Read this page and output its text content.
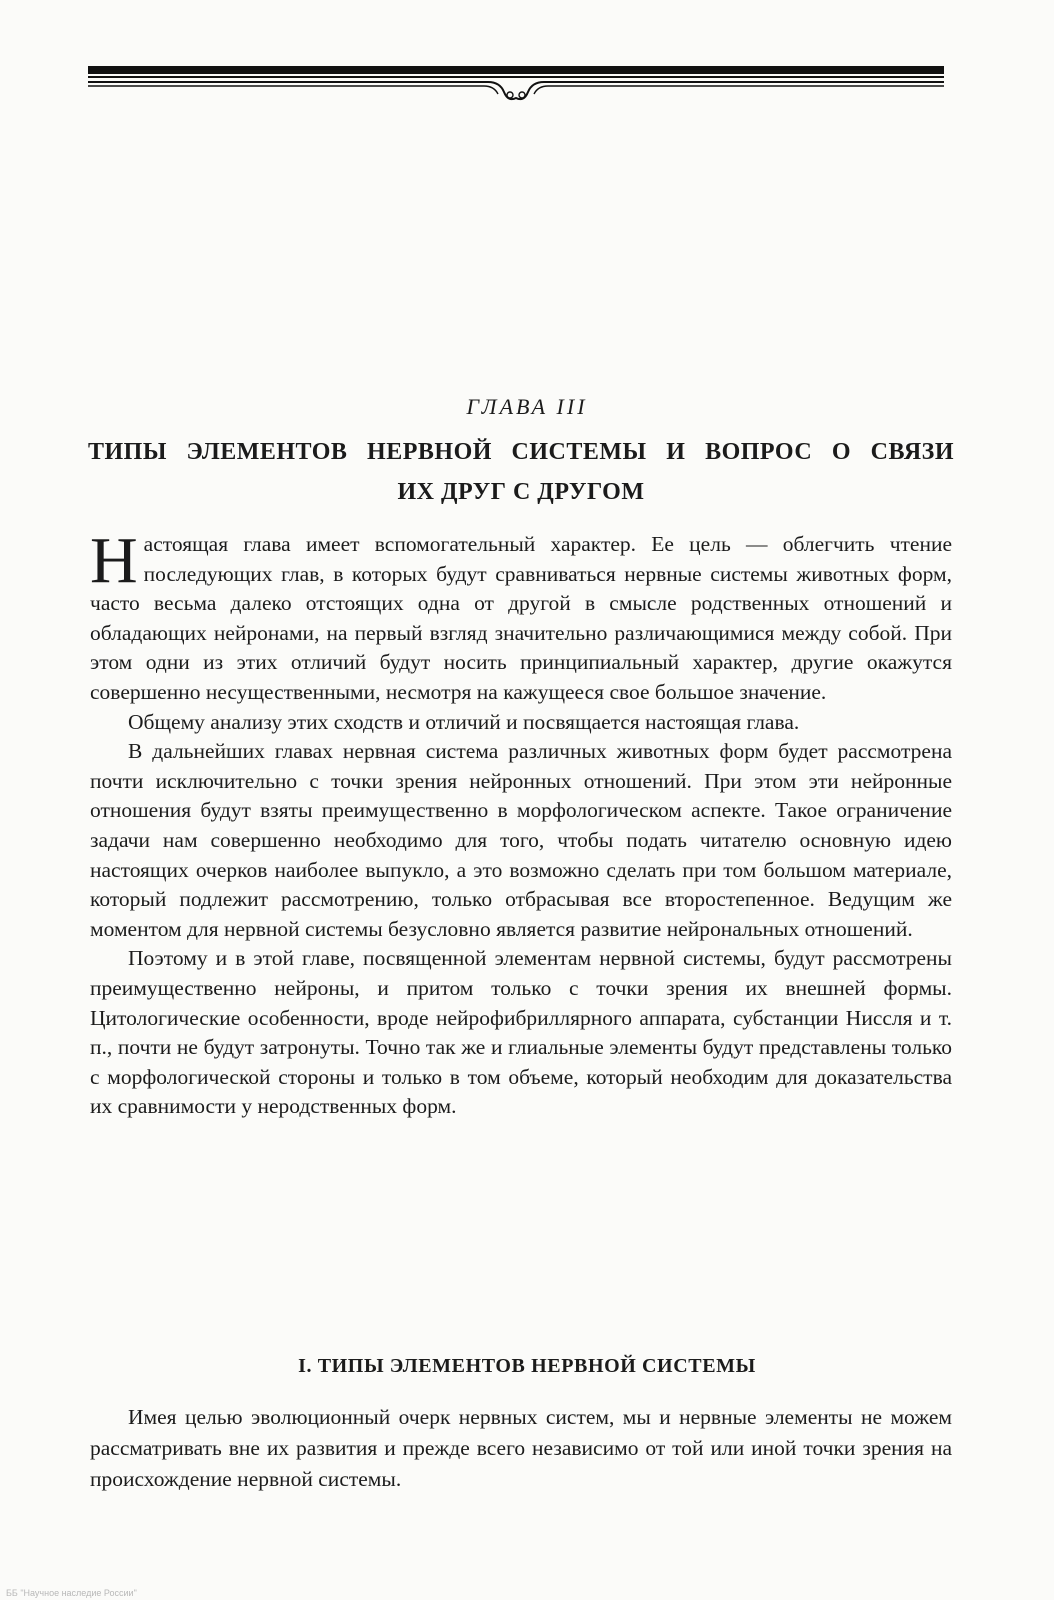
ГЛАВА III
ТИПЫ ЭЛЕМЕНТОВ НЕРВНОЙ СИСТЕМЫ И ВОПРОС О СВЯЗИ
ИХ ДРУГ С ДРУГОМ

Настоящая глава имеет вспомогательный характер. Ее цель — облегчить чтение последующих глав, в которых будут сравниваться нервные системы животных форм, часто весьма далеко отстоящих одна от другой в смысле родственных отношений и обладающих нейронами, на первый взгляд значительно различающимися между собой. При этом одни из этих отличий будут носить принципиальный характер, другие окажутся совершенно несущественными, несмотря на кажущееся свое большое значение.

Общему анализу этих сходств и отличий и посвящается настоящая глава.

В дальнейших главах нервная система различных животных форм будет рассмотрена почти исключительно с точки зрения нейронных отношений. При этом эти нейронные отношения будут взяты преимущественно в морфологическом аспекте. Такое ограничение задачи нам совершенно необходимо для того, чтобы подать читателю основную идею настоящих очерков наиболее выпукло, а это возможно сделать при том большом материале, который подлежит рассмотрению, только отбрасывая все второстепенное. Ведущим же моментом для нервной системы безусловно является развитие нейрональных отношений.

Поэтому и в этой главе, посвященной элементам нервной системы, будут рассмотрены преимущественно нейроны, и притом только с точки зрения их внешней формы. Цитологические особенности, вроде нейрофибриллярного аппарата, субстанции Ниссля и т. п., почти не будут затронуты. Точно так же и глиальные элементы будут представлены только с морфологической стороны и только в том объеме, который необходим для доказательства их сравнимости у неродственных форм.

I. ТИПЫ ЭЛЕМЕНТОВ НЕРВНОЙ СИСТЕМЫ

Имея целью эволюционный очерк нервных систем, мы и нервные элементы не можем рассматривать вне их развития и прежде всего независимо от той или иной точки зрения на происхождение нервной системы.

ББ "Научное наследие России"
